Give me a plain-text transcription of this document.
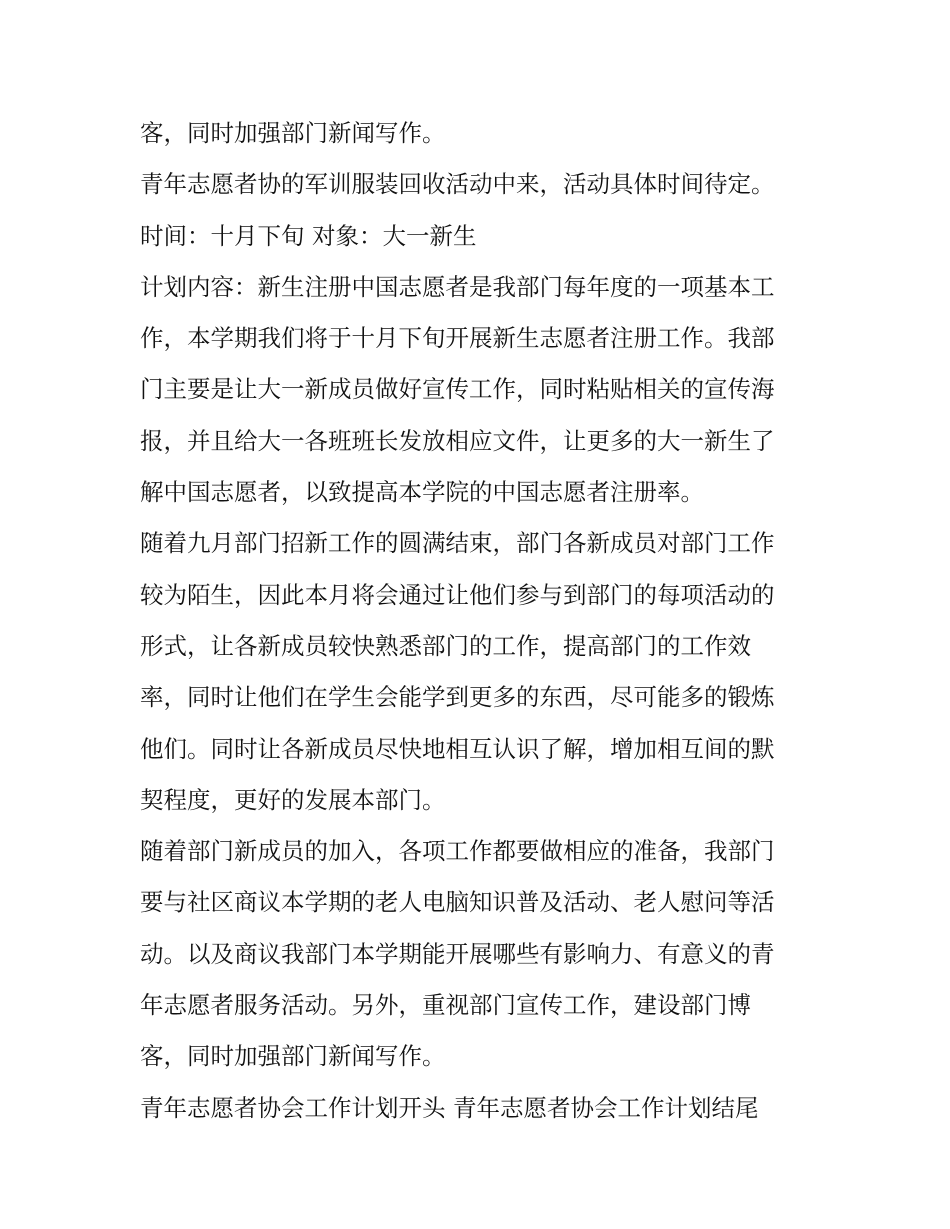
客，同时加强部门新闻写作。
青年志愿者协的军训服装回收活动中来，活动具体时间待定。
时间：十月下旬 对象：大一新生
计划内容：新生注册中国志愿者是我部门每年度的一项基本工
作，本学期我们将于十月下旬开展新生志愿者注册工作。我部
门主要是让大一新成员做好宣传工作，同时粘贴相关的宣传海
报，并且给大一各班班长发放相应文件，让更多的大一新生了
解中国志愿者，以致提高本学院的中国志愿者注册率。
随着九月部门招新工作的圆满结束，部门各新成员对部门工作
较为陌生，因此本月将会通过让他们参与到部门的每项活动的
形式，让各新成员较快熟悉部门的工作，提高部门的工作效
率，同时让他们在学生会能学到更多的东西，尽可能多的锻炼
他们。同时让各新成员尽快地相互认识了解，增加相互间的默
契程度，更好的发展本部门。
随着部门新成员的加入，各项工作都要做相应的准备，我部门
要与社区商议本学期的老人电脑知识普及活动、老人慰问等活
动。以及商议我部门本学期能开展哪些有影响力、有意义的青
年志愿者服务活动。另外，重视部门宣传工作，建设部门博
客，同时加强部门新闻写作。
青年志愿者协会工作计划开头 青年志愿者协会工作计划结尾
